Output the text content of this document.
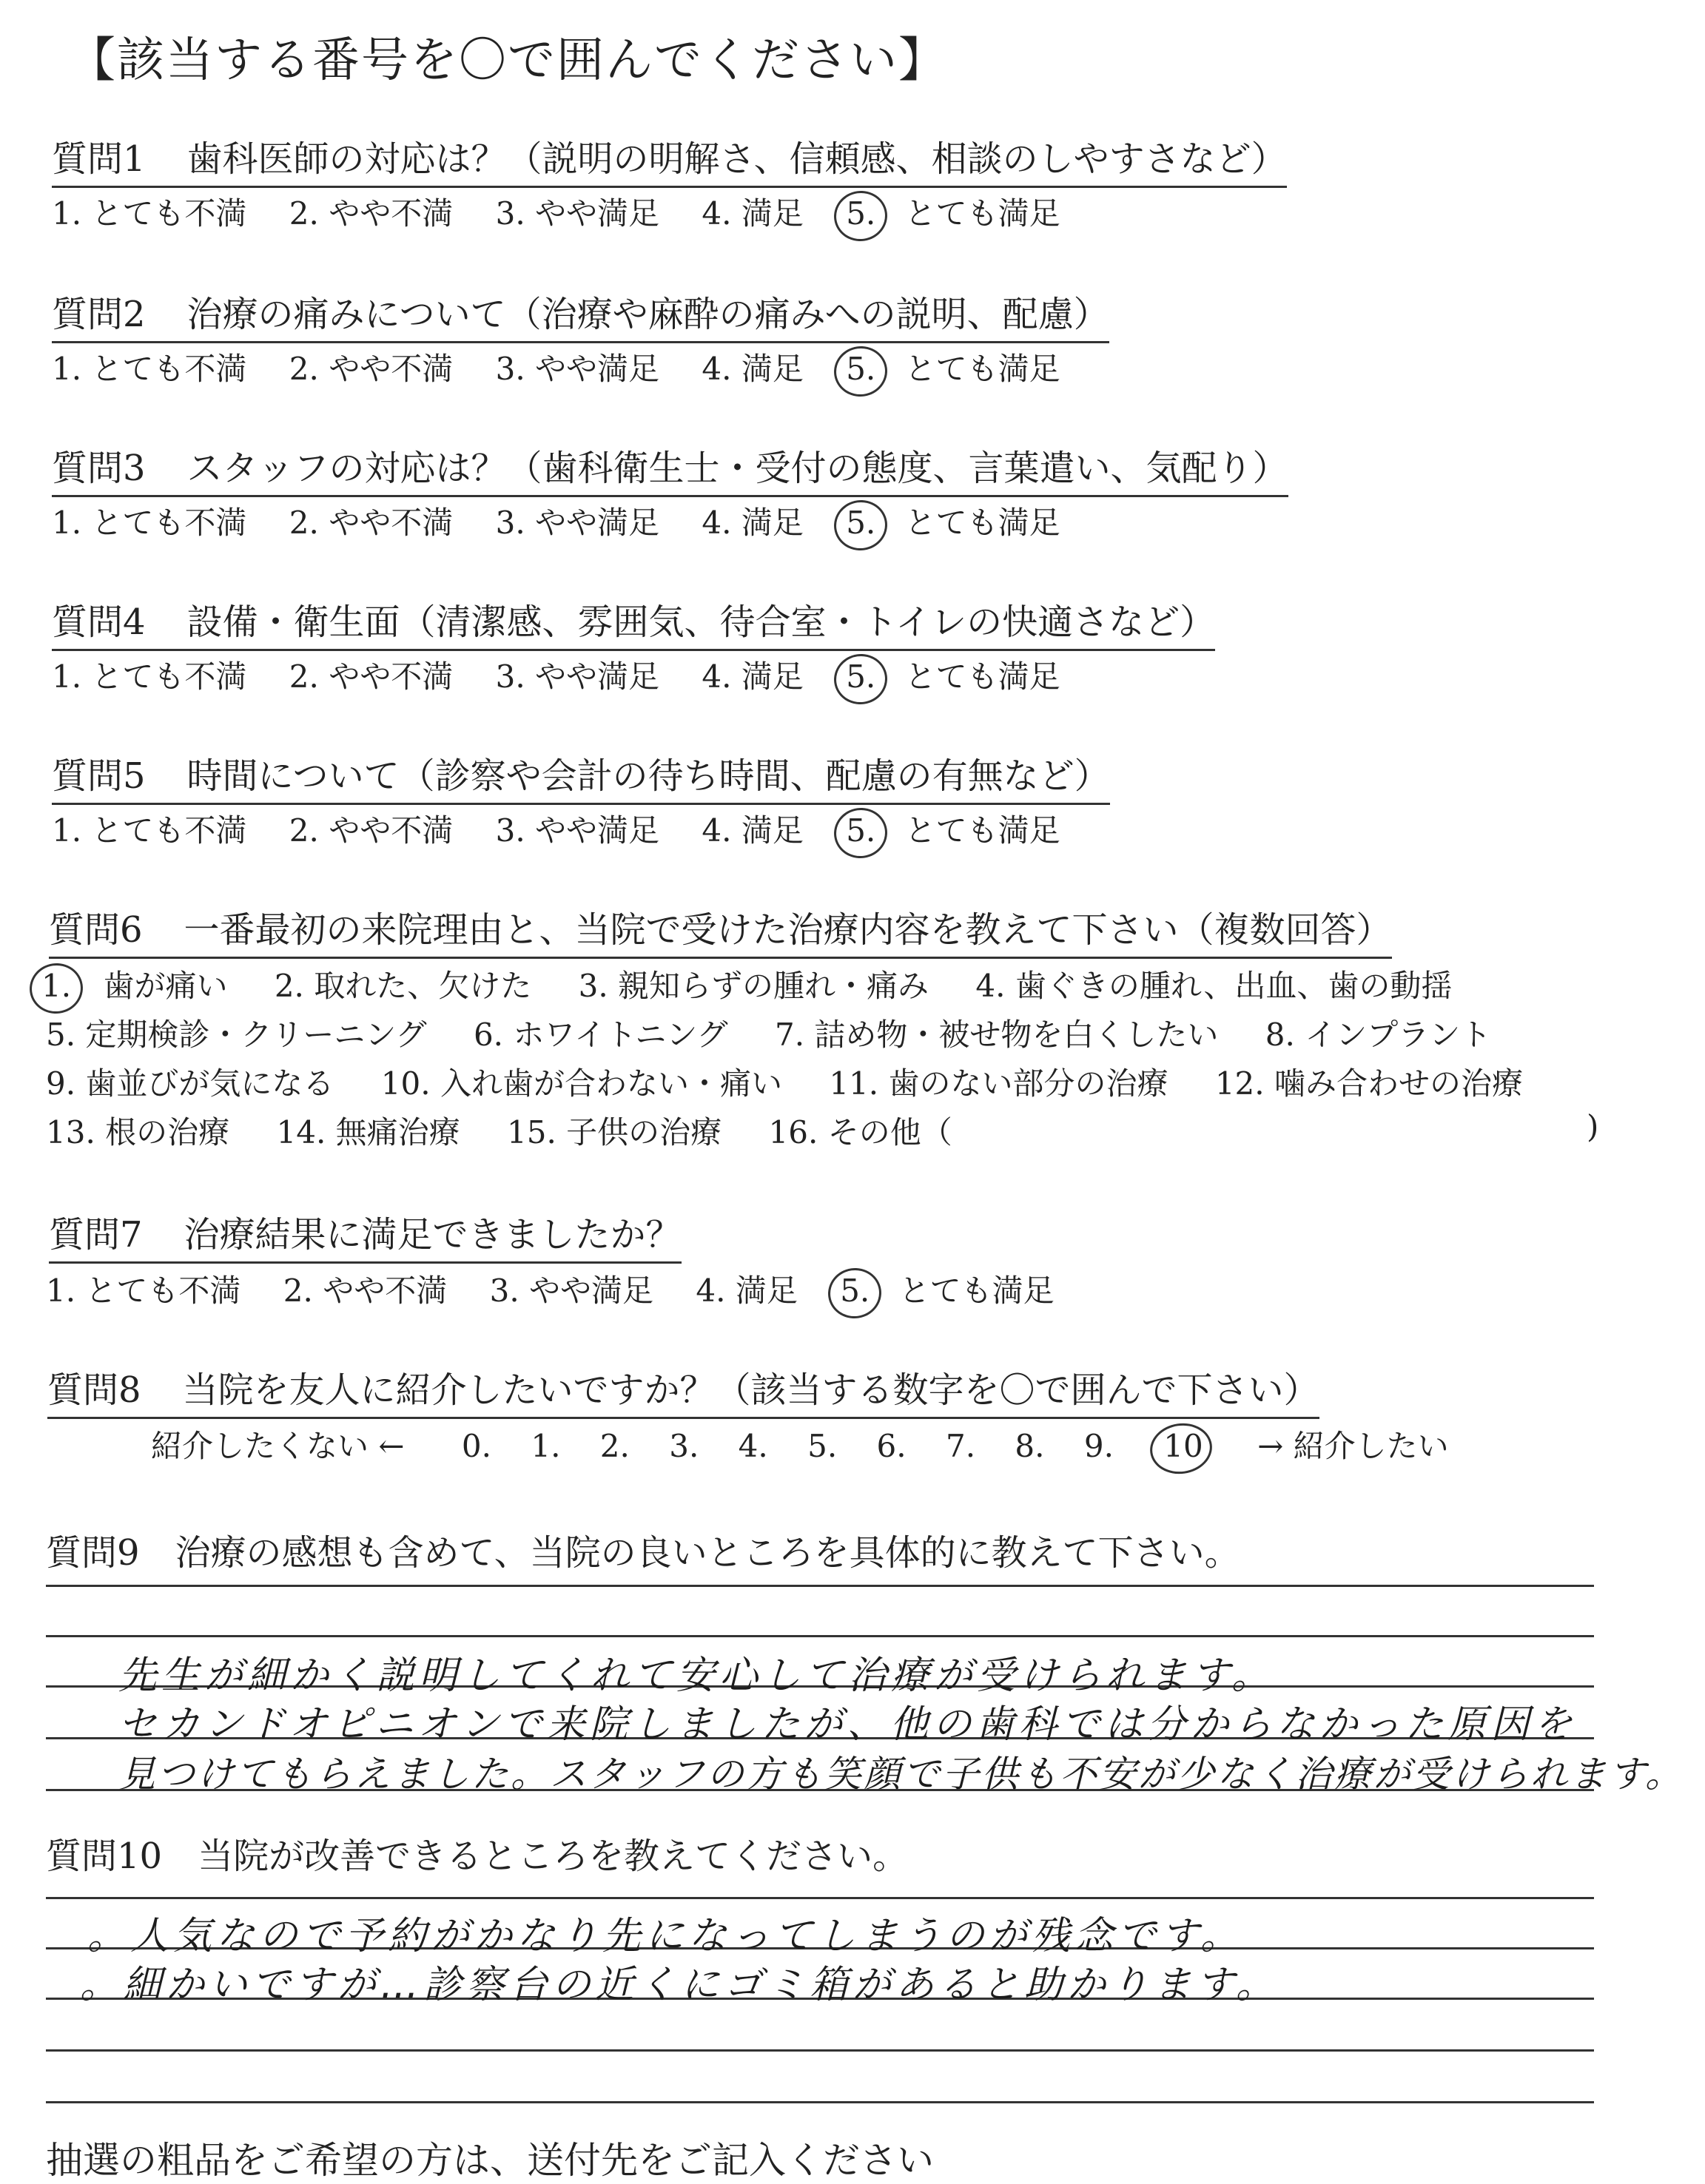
【該当する番号を〇で囲んでください】
質問1 歯科医師の対応は？（説明の明解さ、信頼感、相談のしやすさなど）
1. とても不満 2. やや不満 3. やや満足 4. 満足 5. とても満足
質問2 治療の痛みについて（治療や麻酔の痛みへの説明、配慮）
1. とても不満 2. やや不満 3. やや満足 4. 満足 5. とても満足
質問3 スタッフの対応は？（歯科衛生士・受付の態度、言葉遣い、気配り）
1. とても不満 2. やや不満 3. やや満足 4. 満足 5. とても満足
質問4 設備・衛生面（清潔感、雰囲気、待合室・トイレの快適さなど）
1. とても不満 2. やや不満 3. やや満足 4. 満足 5. とても満足
質問5 時間について（診察や会計の待ち時間、配慮の有無など）
1. とても不満 2. やや不満 3. やや満足 4. 満足 5. とても満足
質問6 一番最初の来院理由と、当院で受けた治療内容を教えて下さい（複数回答）
1. 歯が痛い 2. 取れた、欠けた 3. 親知らずの腫れ・痛み 4. 歯ぐきの腫れ、出血、歯の動揺
5. 定期検診・クリーニング 6. ホワイトニング 7. 詰め物・被せ物を白くしたい 8. インプラント
9. 歯並びが気になる 10. 入れ歯が合わない・痛い 11. 歯のない部分の治療 12. 噛み合わせの治療
13. 根の治療 14. 無痛治療 15. 子供の治療 16. その他（	)
質問7 治療結果に満足できましたか？
1. とても不満 2. やや不満 3. やや満足 4. 満足 5. とても満足
質問8 当院を友人に紹介したいですか？（該当する数字を〇で囲んで下さい）
紹介したくない ← 0. 1. 2. 3. 4. 5. 6. 7. 8. 9. 10 → 紹介したい
質問9 治療の感想も含めて、当院の良いところを具体的に教えて下さい。
先生が細かく説明してくれて安心して治療が受けられます。
セカンドオピニオンで来院しましたが、他の歯科では分からなかった原因を
見つけてもらえました。スタッフの方も笑顔で子供も不安が少なく治療が受けられます。
質問10 当院が改善できるところを教えてください。
。人気なので予約がかなり先になってしまうのが残念です。
。細かいですが…診察台の近くにゴミ箱があると助かります。
抽選の粗品をご希望の方は、送付先をご記入ください
